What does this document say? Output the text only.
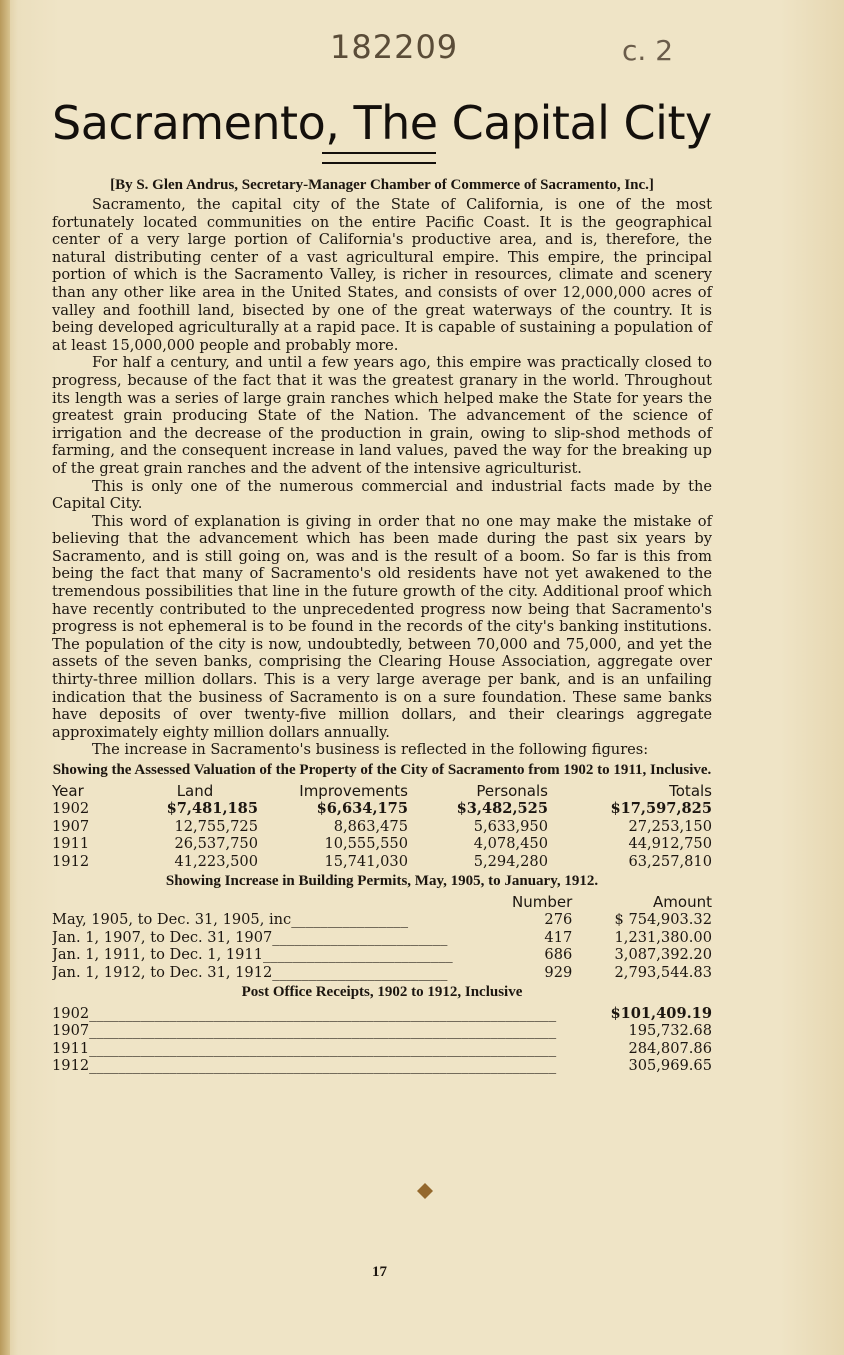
182209	c. 2
Sacramento, The Capital City

[By S. Glen Andrus, Secretary-Manager Chamber of Commerce of Sacramento, Inc.]

Sacramento, the capital city of the State of California, is one of the most fortunately located communities on the entire Pacific Coast. It is the geographical center of a very large portion of California's productive area, and is, therefore, the natural distributing center of a vast agricultural empire. This empire, the principal portion of which is the Sacramento Valley, is richer in resources, climate and scenery than any other like area in the United States, and consists of over 12,000,000 acres of valley and foothill land, bisected by one of the great waterways of the country. It is being developed agriculturally at a rapid pace. It is capable of sustaining a population of at least 15,000,000 people and probably more.

For half a century, and until a few years ago, this empire was practically closed to progress, because of the fact that it was the greatest granary in the world. Throughout its length was a series of large grain ranches which helped make the State for years the greatest grain producing State of the Nation. The advancement of the science of irrigation and the decrease of the production in grain, owing to slip-shod methods of farming, and the consequent increase in land values, paved the way for the breaking up of the great grain ranches and the advent of the intensive agriculturist.

This is only one of the numerous commercial and industrial facts made by the Capital City.

This word of explanation is giving in order that no one may make the mistake of believing that the advancement which has been made during the past six years by Sacramento, and is still going on, was and is the result of a boom. So far is this from being the fact that many of Sacramento's old residents have not yet awakened to the tremendous possibilities that line in the future growth of the city. Additional proof which have recently contributed to the unprecedented progress now being that Sacramento's progress is not ephemeral is to be found in the records of the city's banking institutions. The population of the city is now, undoubtedly, between 70,000 and 75,000, and yet the assets of the seven banks, comprising the Clearing House Association, aggregate over thirty-three million dollars. This is a very large average per bank, and is an unfailing indication that the business of Sacramento is on a sure foundation. These same banks have deposits of over twenty-five million dollars, and their clearings aggregate approximately eighty million dollars annually.

The increase in Sacramento's business is reflected in the following figures:

Showing the Assessed Valuation of the Property of the City of Sacramento from 1902 to 1911, Inclusive.

Year	Land	Improvements	Personals	Totals
1902	$7,481,185	$6,634,175	$3,482,525	$17,597,825
1907	12,755,725	8,863,475	5,633,950	27,253,150
1911	26,537,750	10,555,550	4,078,450	44,912,750
1912	41,223,500	15,741,030	5,294,280	63,257,810

Showing Increase in Building Permits, May, 1905, to January, 1912.

	Number	Amount
May, 1905, to Dec. 31, 1905, inc________________	276	$ 754,903.32
Jan. 1, 1907, to Dec. 31, 1907________________________	417	1,231,380.00
Jan. 1, 1911, to Dec. 1, 1911__________________________	686	3,087,392.20
Jan. 1, 1912, to Dec. 31, 1912________________________	929	2,793,544.83

Post Office Receipts, 1902 to 1912, Inclusive

1902________________________________________________________________	$101,409.19
1907________________________________________________________________	195,732.68
1911________________________________________________________________	284,807.86
1912________________________________________________________________	305,969.65
17
